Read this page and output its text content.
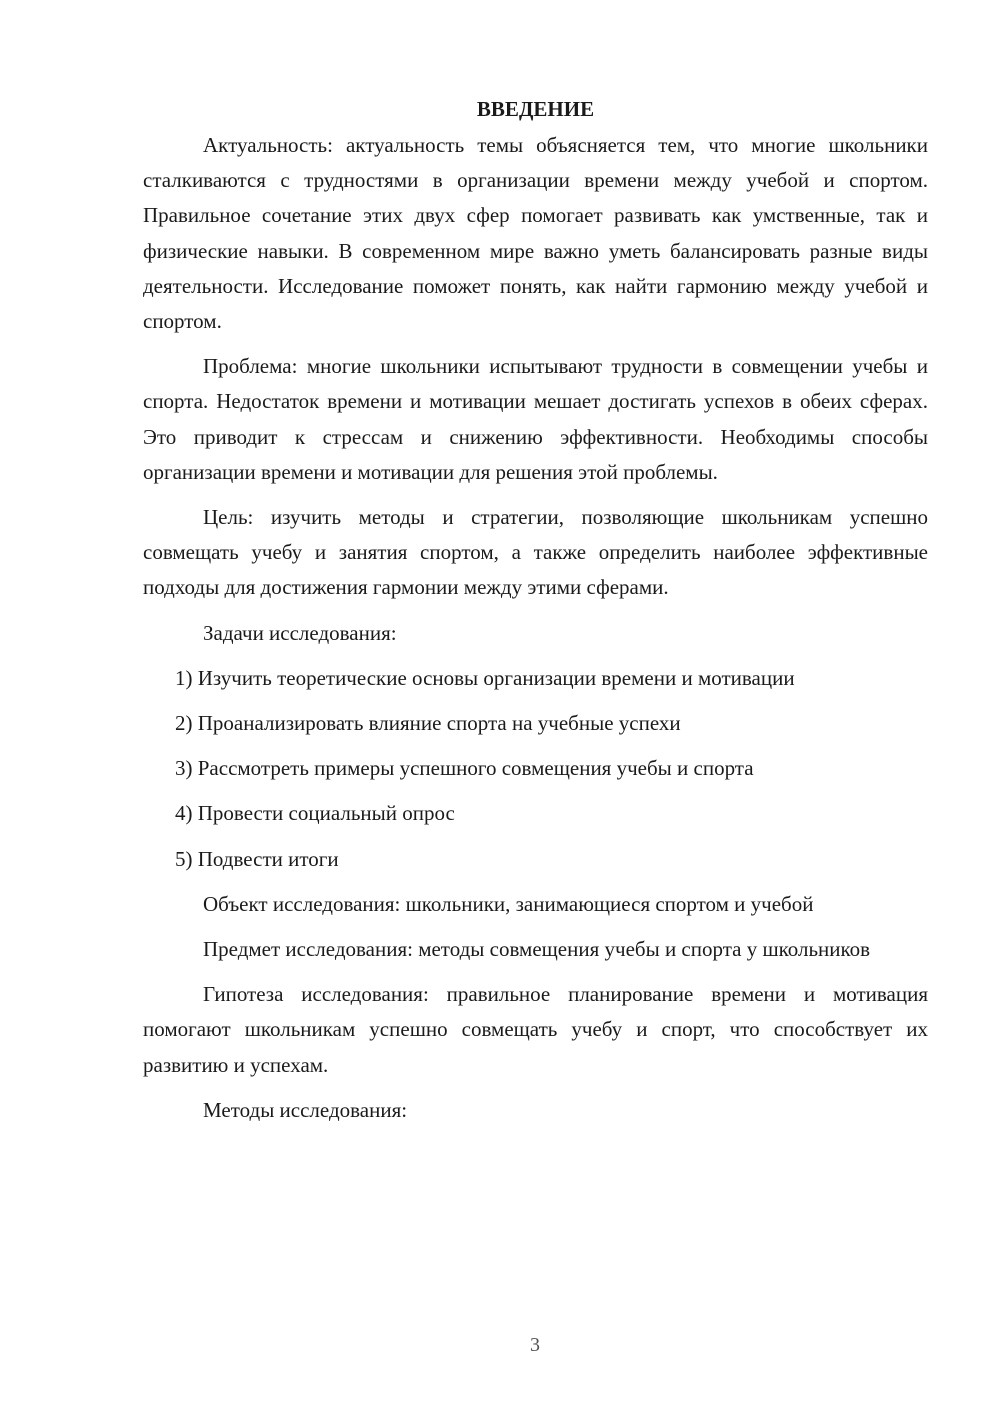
ВВЕДЕНИЕ

Актуальность: актуальность темы объясняется тем, что многие школьники сталкиваются с трудностями в организации времени между учебой и спортом. Правильное сочетание этих двух сфер помогает развивать как умственные, так и физические навыки. В современном мире важно уметь балансировать разные виды деятельности. Исследование поможет понять, как найти гармонию между учебой и спортом.

Проблема: многие школьники испытывают трудности в совмещении учебы и спорта. Недостаток времени и мотивации мешает достигать успехов в обеих сферах. Это приводит к стрессам и снижению эффективности. Необходимы способы организации времени и мотивации для решения этой проблемы.

Цель: изучить методы и стратегии, позволяющие школьникам успешно совмещать учебу и занятия спортом, а также определить наиболее эффективные подходы для достижения гармонии между этими сферами.

Задачи исследования:

1) Изучить теоретические основы организации времени и мотивации
2) Проанализировать влияние спорта на учебные успехи
3) Рассмотреть примеры успешного совмещения учебы и спорта
4) Провести социальный опрос
5) Подвести итоги

Объект исследования: школьники, занимающиеся спортом и учебой

Предмет исследования: методы совмещения учебы и спорта у школьников

Гипотеза исследования: правильное планирование времени и мотивация помогают школьникам успешно совмещать учебу и спорт, что способствует их развитию и успехам.

Методы исследования:

3
